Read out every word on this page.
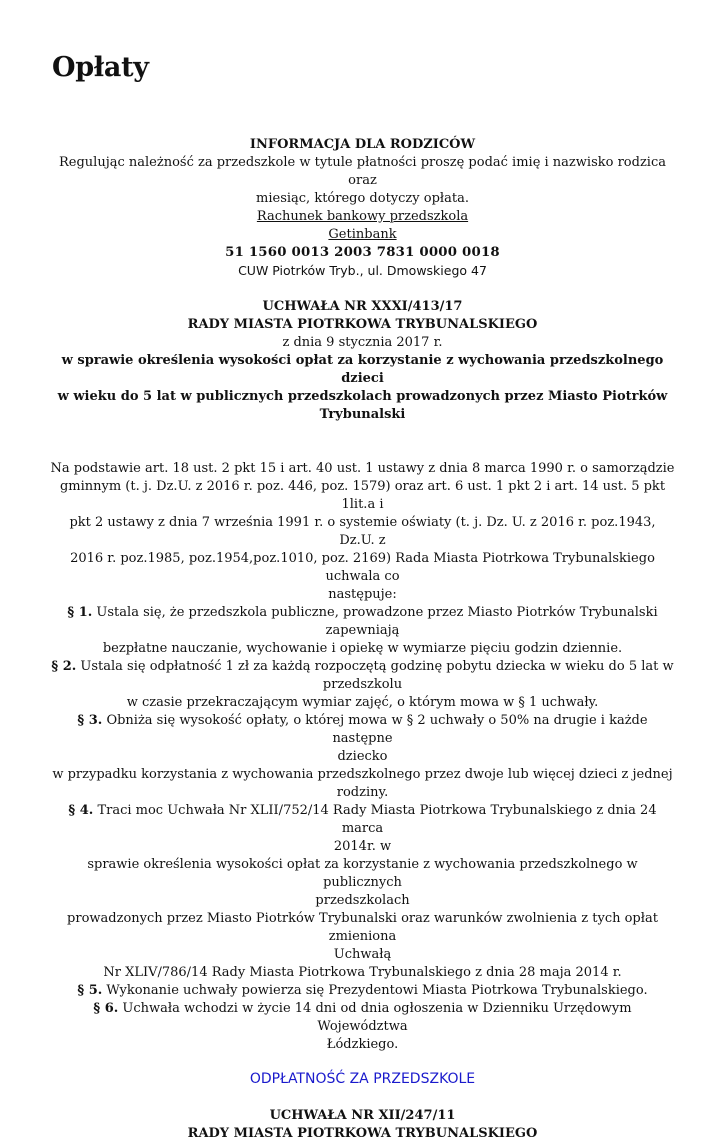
Opłaty

INFORMACJA DLA RODZICÓW

Regulując należność za przedszkole w tytule płatności proszę podać imię i nazwisko rodzica oraz

miesiąc, którego dotyczy opłata.

Rachunek bankowy przedszkola

Getinbank

51 1560 0013 2003 7831 0000 0018

CUW Piotrków Tryb., ul. Dmowskiego 47

UCHWAŁA NR XXXI/413/17

RADY MIASTA PIOTRKOWA TRYBUNALSKIEGO

z dnia 9 stycznia 2017 r.

w sprawie określenia wysokości opłat za korzystanie z wychowania przedszkolnego dzieci

w wieku do 5 lat w publicznych przedszkolach prowadzonych przez Miasto Piotrków

Trybunalski

Na podstawie art. 18 ust. 2 pkt 15 i art. 40 ust. 1 ustawy z dnia 8 marca 1990 r. o samorządzie

gminnym (t. j. Dz.U. z 2016 r. poz. 446, poz. 1579) oraz art. 6 ust. 1 pkt 2 i art. 14 ust. 5 pkt 1lit.a i

pkt 2 ustawy z dnia 7 września 1991 r. o systemie oświaty (t. j. Dz. U. z 2016 r. poz.1943, Dz.U. z

2016 r. poz.1985, poz.1954,poz.1010, poz. 2169) Rada Miasta Piotrkowa Trybunalskiego uchwala co

następuje:

§ 1. Ustala się, że przedszkola publiczne, prowadzone przez Miasto Piotrków Trybunalski

zapewniają

bezpłatne nauczanie, wychowanie i opiekę w wymiarze pięciu godzin dziennie.

§ 2. Ustala się odpłatność 1 zł za każdą rozpoczętą godzinę pobytu dziecka w wieku do 5 lat w

przedszkolu

w czasie przekraczającym wymiar zajęć, o którym mowa w § 1 uchwały.

§ 3. Obniża się wysokość opłaty, o której mowa w § 2 uchwały o 50% na drugie i każde następne

dziecko

w przypadku korzystania z wychowania przedszkolnego przez dwoje lub więcej dzieci z jednej

rodziny.

§ 4. Traci moc Uchwała Nr XLII/752/14 Rady Miasta Piotrkowa Trybunalskiego z dnia 24 marca

2014r. w

sprawie określenia wysokości opłat za korzystanie z wychowania przedszkolnego w publicznych

przedszkolach

prowadzonych przez Miasto Piotrków Trybunalski oraz warunków zwolnienia z tych opłat zmieniona

Uchwałą

Nr XLIV/786/14 Rady Miasta Piotrkowa Trybunalskiego z dnia 28 maja 2014 r.

§ 5. Wykonanie uchwały powierza się Prezydentowi Miasta Piotrkowa Trybunalskiego.

§ 6. Uchwała wchodzi w życie 14 dni od dnia ogłoszenia w Dzienniku Urzędowym Województwa

Łódzkiego.

ODPŁATNOŚĆ ZA PRZEDSZKOLE

UCHWAŁA NR XII/247/11

RADY MIASTA PIOTRKOWA TRYBUNALSKIEGO
